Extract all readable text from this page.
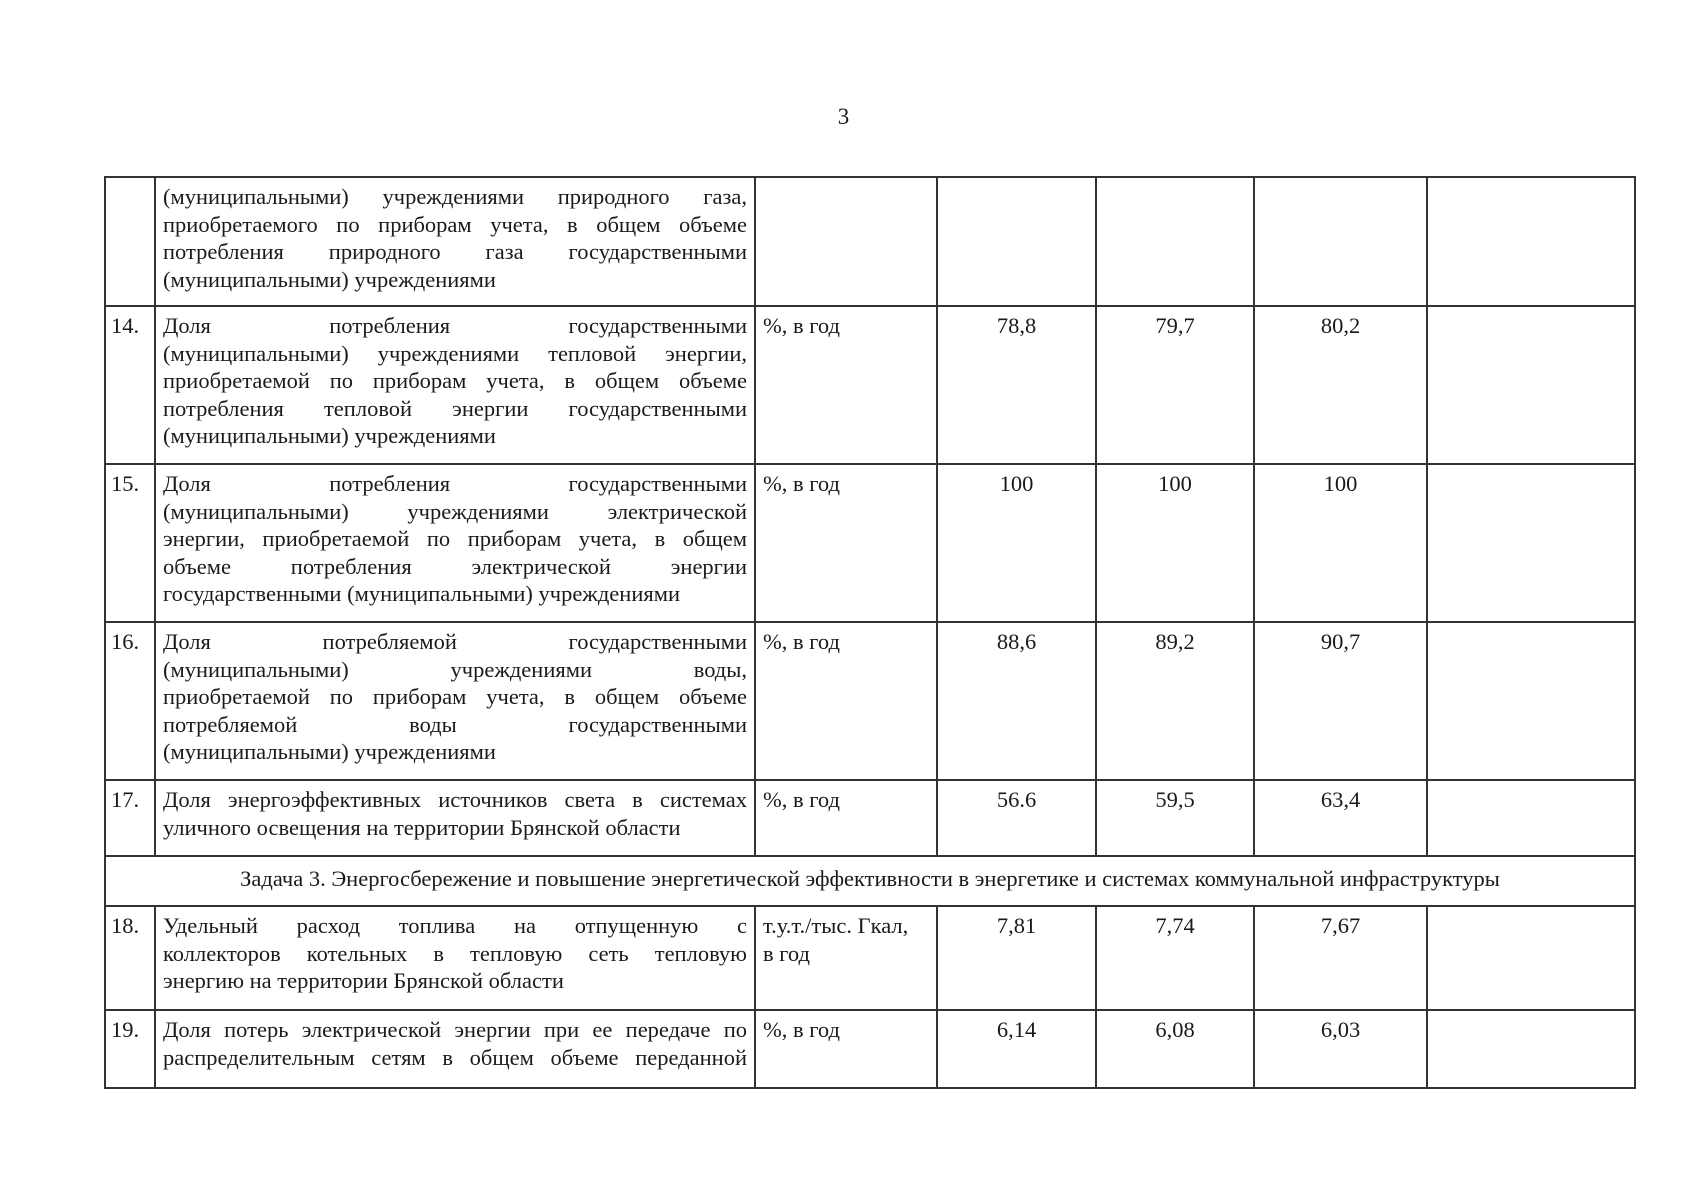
3

	(муниципальными) учреждениями природного газа,
приобретаемого по приборам учета, в общем объеме
потребления природного газа государственными
(муниципальными) учреждениями					

14.	Доля потребления государственными
(муниципальными) учреждениями тепловой энергии,
приобретаемой по приборам учета, в общем объеме
потребления тепловой энергии государственными
(муниципальными) учреждениями	%, в год	78,8	79,7	80,2	
15.	Доля потребления государственными
(муниципальными) учреждениями электрической
энергии, приобретаемой по приборам учета, в общем
объеме потребления электрической энергии
государственными (муниципальными) учреждениями	%, в год	100	100	100	
16.	Доля потребляемой государственными
(муниципальными) учреждениями воды,
приобретаемой по приборам учета, в общем объеме
потребляемой воды государственными
(муниципальными) учреждениями	%, в год	88,6	89,2	90,7	
17.	Доля энергоэффективных источников света в системах
уличного освещения на территории Брянской области	%, в год	56.6	59,5	63,4	
Задача 3. Энергосбережение и повышение энергетической эффективности в энергетике и системах коммунальной инфраструктуры						
18.	Удельный расход топлива на отпущенную с
коллекторов котельных в тепловую сеть тепловую
энергию на территории Брянской области	т.у.т./тыс. Гкал,
в год	7,81	7,74	7,67	
19.	Доля потерь электрической энергии при ее передаче по
распределительным сетям в общем объеме переданной	%, в год	6,14	6,08	6,03	
